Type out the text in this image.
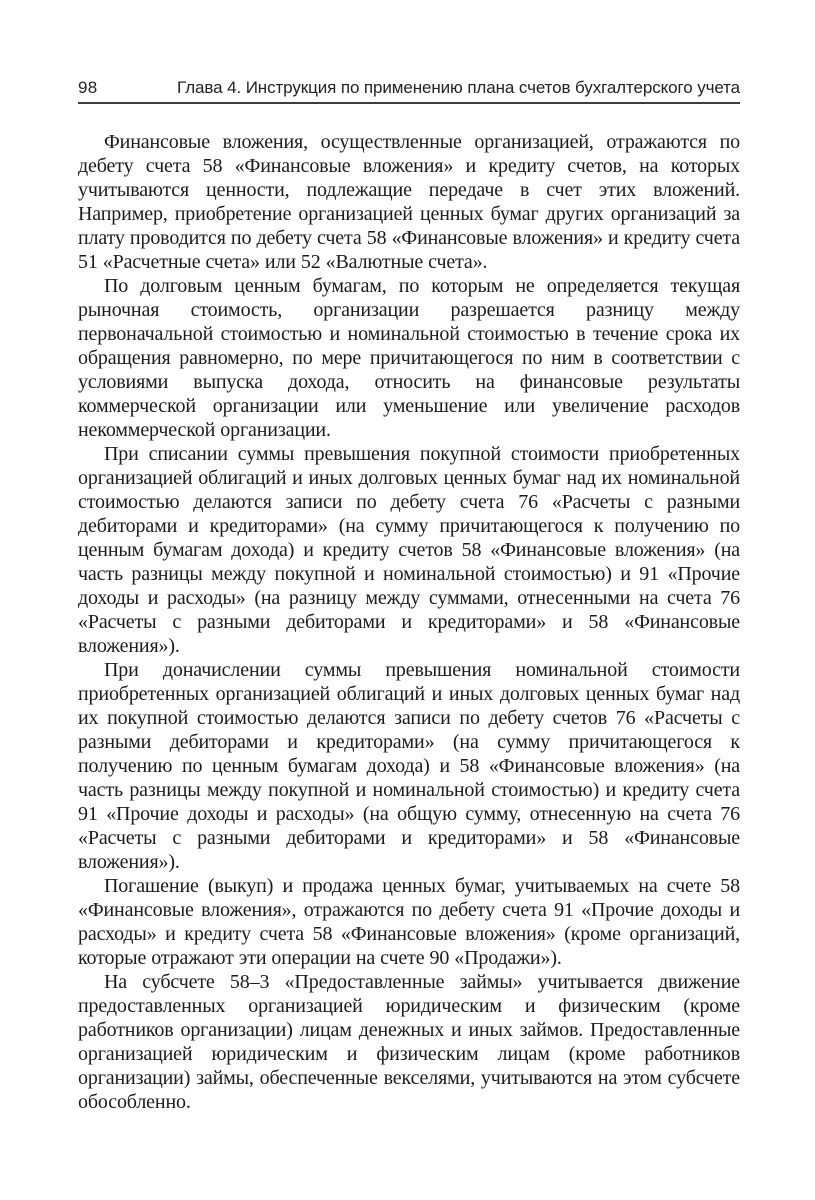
98	Глава 4. Инструкция по применению плана счетов бухгалтерского учета

Финансовые вложения, осуществленные организацией, отражаются по дебету счета 58 «Финансовые вложения» и кредиту счетов, на которых учитываются ценности, подлежащие передаче в счет этих вложений. Например, приобретение организацией ценных бумаг других организаций за плату проводится по дебету счета 58 «Финансовые вложения» и кредиту счета 51 «Расчетные счета» или 52 «Валютные счета».

По долговым ценным бумагам, по которым не определяется текущая рыночная стоимость, организации разрешается разницу между первоначальной стоимостью и номинальной стоимостью в течение срока их обращения равномерно, по мере причитающегося по ним в соответствии с условиями выпуска дохода, относить на финансовые результаты коммерческой организации или уменьшение или увеличение расходов некоммерческой организации.

При списании суммы превышения покупной стоимости приобретенных организацией облигаций и иных долговых ценных бумаг над их номинальной стоимостью делаются записи по дебету счета 76 «Расчеты с разными дебиторами и кредиторами» (на сумму причитающегося к получению по ценным бумагам дохода) и кредиту счетов 58 «Финансовые вложения» (на часть разницы между покупной и номинальной стоимостью) и 91 «Прочие доходы и расходы» (на разницу между суммами, отнесенными на счета 76 «Расчеты с разными дебиторами и кредиторами» и 58 «Финансовые вложения»).

При доначислении суммы превышения номинальной стоимости приобретенных организацией облигаций и иных долговых ценных бумаг над их покупной стоимостью делаются записи по дебету счетов 76 «Расчеты с разными дебиторами и кредиторами» (на сумму причитающегося к получению по ценным бумагам дохода) и 58 «Финансовые вложения» (на часть разницы между покупной и номинальной стоимостью) и кредиту счета 91 «Прочие доходы и расходы» (на общую сумму, отнесенную на счета 76 «Расчеты с разными дебиторами и кредиторами» и 58 «Финансовые вложения»).

Погашение (выкуп) и продажа ценных бумаг, учитываемых на счете 58 «Финансовые вложения», отражаются по дебету счета 91 «Прочие доходы и расходы» и кредиту счета 58 «Финансовые вложения» (кроме организаций, которые отражают эти операции на счете 90 «Продажи»).

На субсчете 58–3 «Предоставленные займы» учитывается движение предоставленных организацией юридическим и физическим (кроме работников организации) лицам денежных и иных займов. Предоставленные организацией юридическим и физическим лицам (кроме работников организации) займы, обеспеченные векселями, учитываются на этом субсчете обособленно.
